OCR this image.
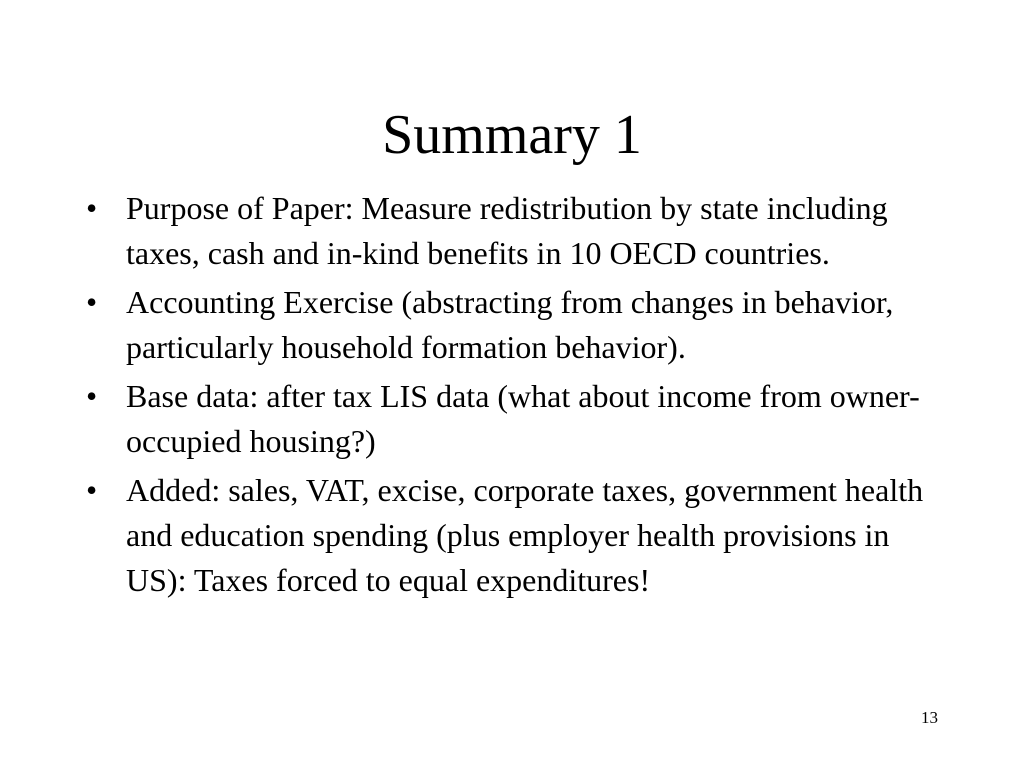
Summary 1
• Purpose of Paper: Measure redistribution by state including taxes, cash and in-kind benefits in 10 OECD countries.
• Accounting Exercise (abstracting from changes in behavior, particularly household formation behavior).
• Base data: after tax LIS data (what about income from owner-occupied housing?)
• Added: sales, VAT, excise, corporate taxes, government health and education spending (plus employer health provisions in US): Taxes forced to equal expenditures!
13
